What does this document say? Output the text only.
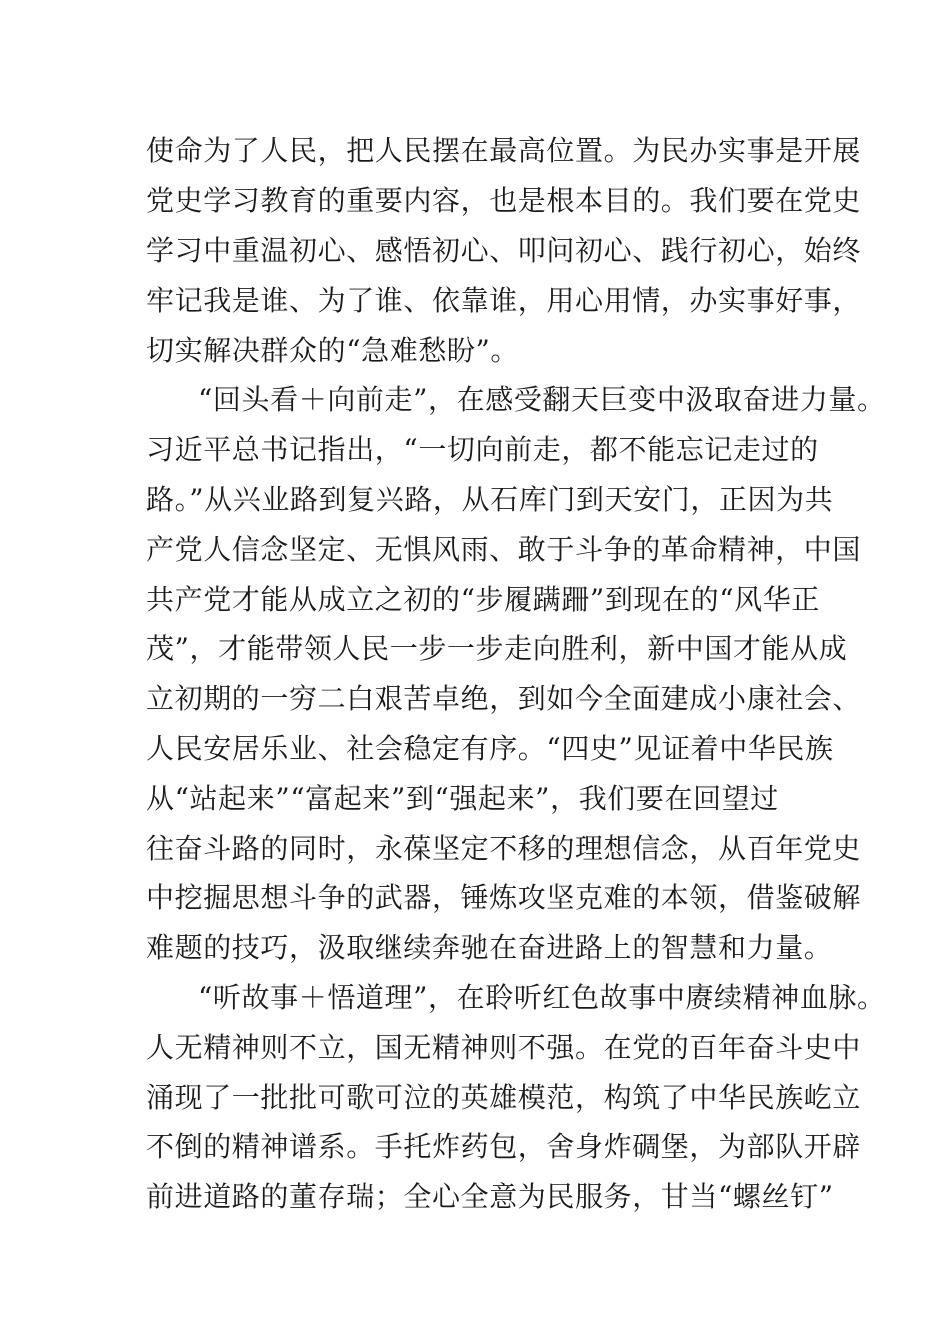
使命为了人民，把人民摆在最高位置。为民办实事是开展
党史学习教育的重要内容，也是根本目的。我们要在党史
学习中重温初心、感悟初心、叩问初心、践行初心，始终
牢记我是谁、为了谁、依靠谁，用心用情，办实事好事，
切实解决群众的“急难愁盼”。
“回头看＋向前走”，在感受翻天巨变中汲取奋进力量。
习近平总书记指出，“一切向前走，都不能忘记走过的
路。”从兴业路到复兴路，从石库门到天安门，正因为共
产党人信念坚定、无惧风雨、敢于斗争的革命精神，中国
共产党才能从成立之初的“步履蹒跚”到现在的“风华正
茂”，才能带领人民一步一步走向胜利，新中国才能从成
立初期的一穷二白艰苦卓绝，到如今全面建成小康社会、
人民安居乐业、社会稳定有序。“四史”见证着中华民族
从“站起来”“富起来”到“强起来”，我们要在回望过
往奋斗路的同时，永葆坚定不移的理想信念，从百年党史
中挖掘思想斗争的武器，锤炼攻坚克难的本领，借鉴破解
难题的技巧，汲取继续奔驰在奋进路上的智慧和力量。
“听故事＋悟道理”，在聆听红色故事中赓续精神血脉。
人无精神则不立，国无精神则不强。在党的百年奋斗史中
涌现了一批批可歌可泣的英雄模范，构筑了中华民族屹立
不倒的精神谱系。手托炸药包，舍身炸碉堡，为部队开辟
前进道路的董存瑞；全心全意为民服务，甘当“螺丝钉”
